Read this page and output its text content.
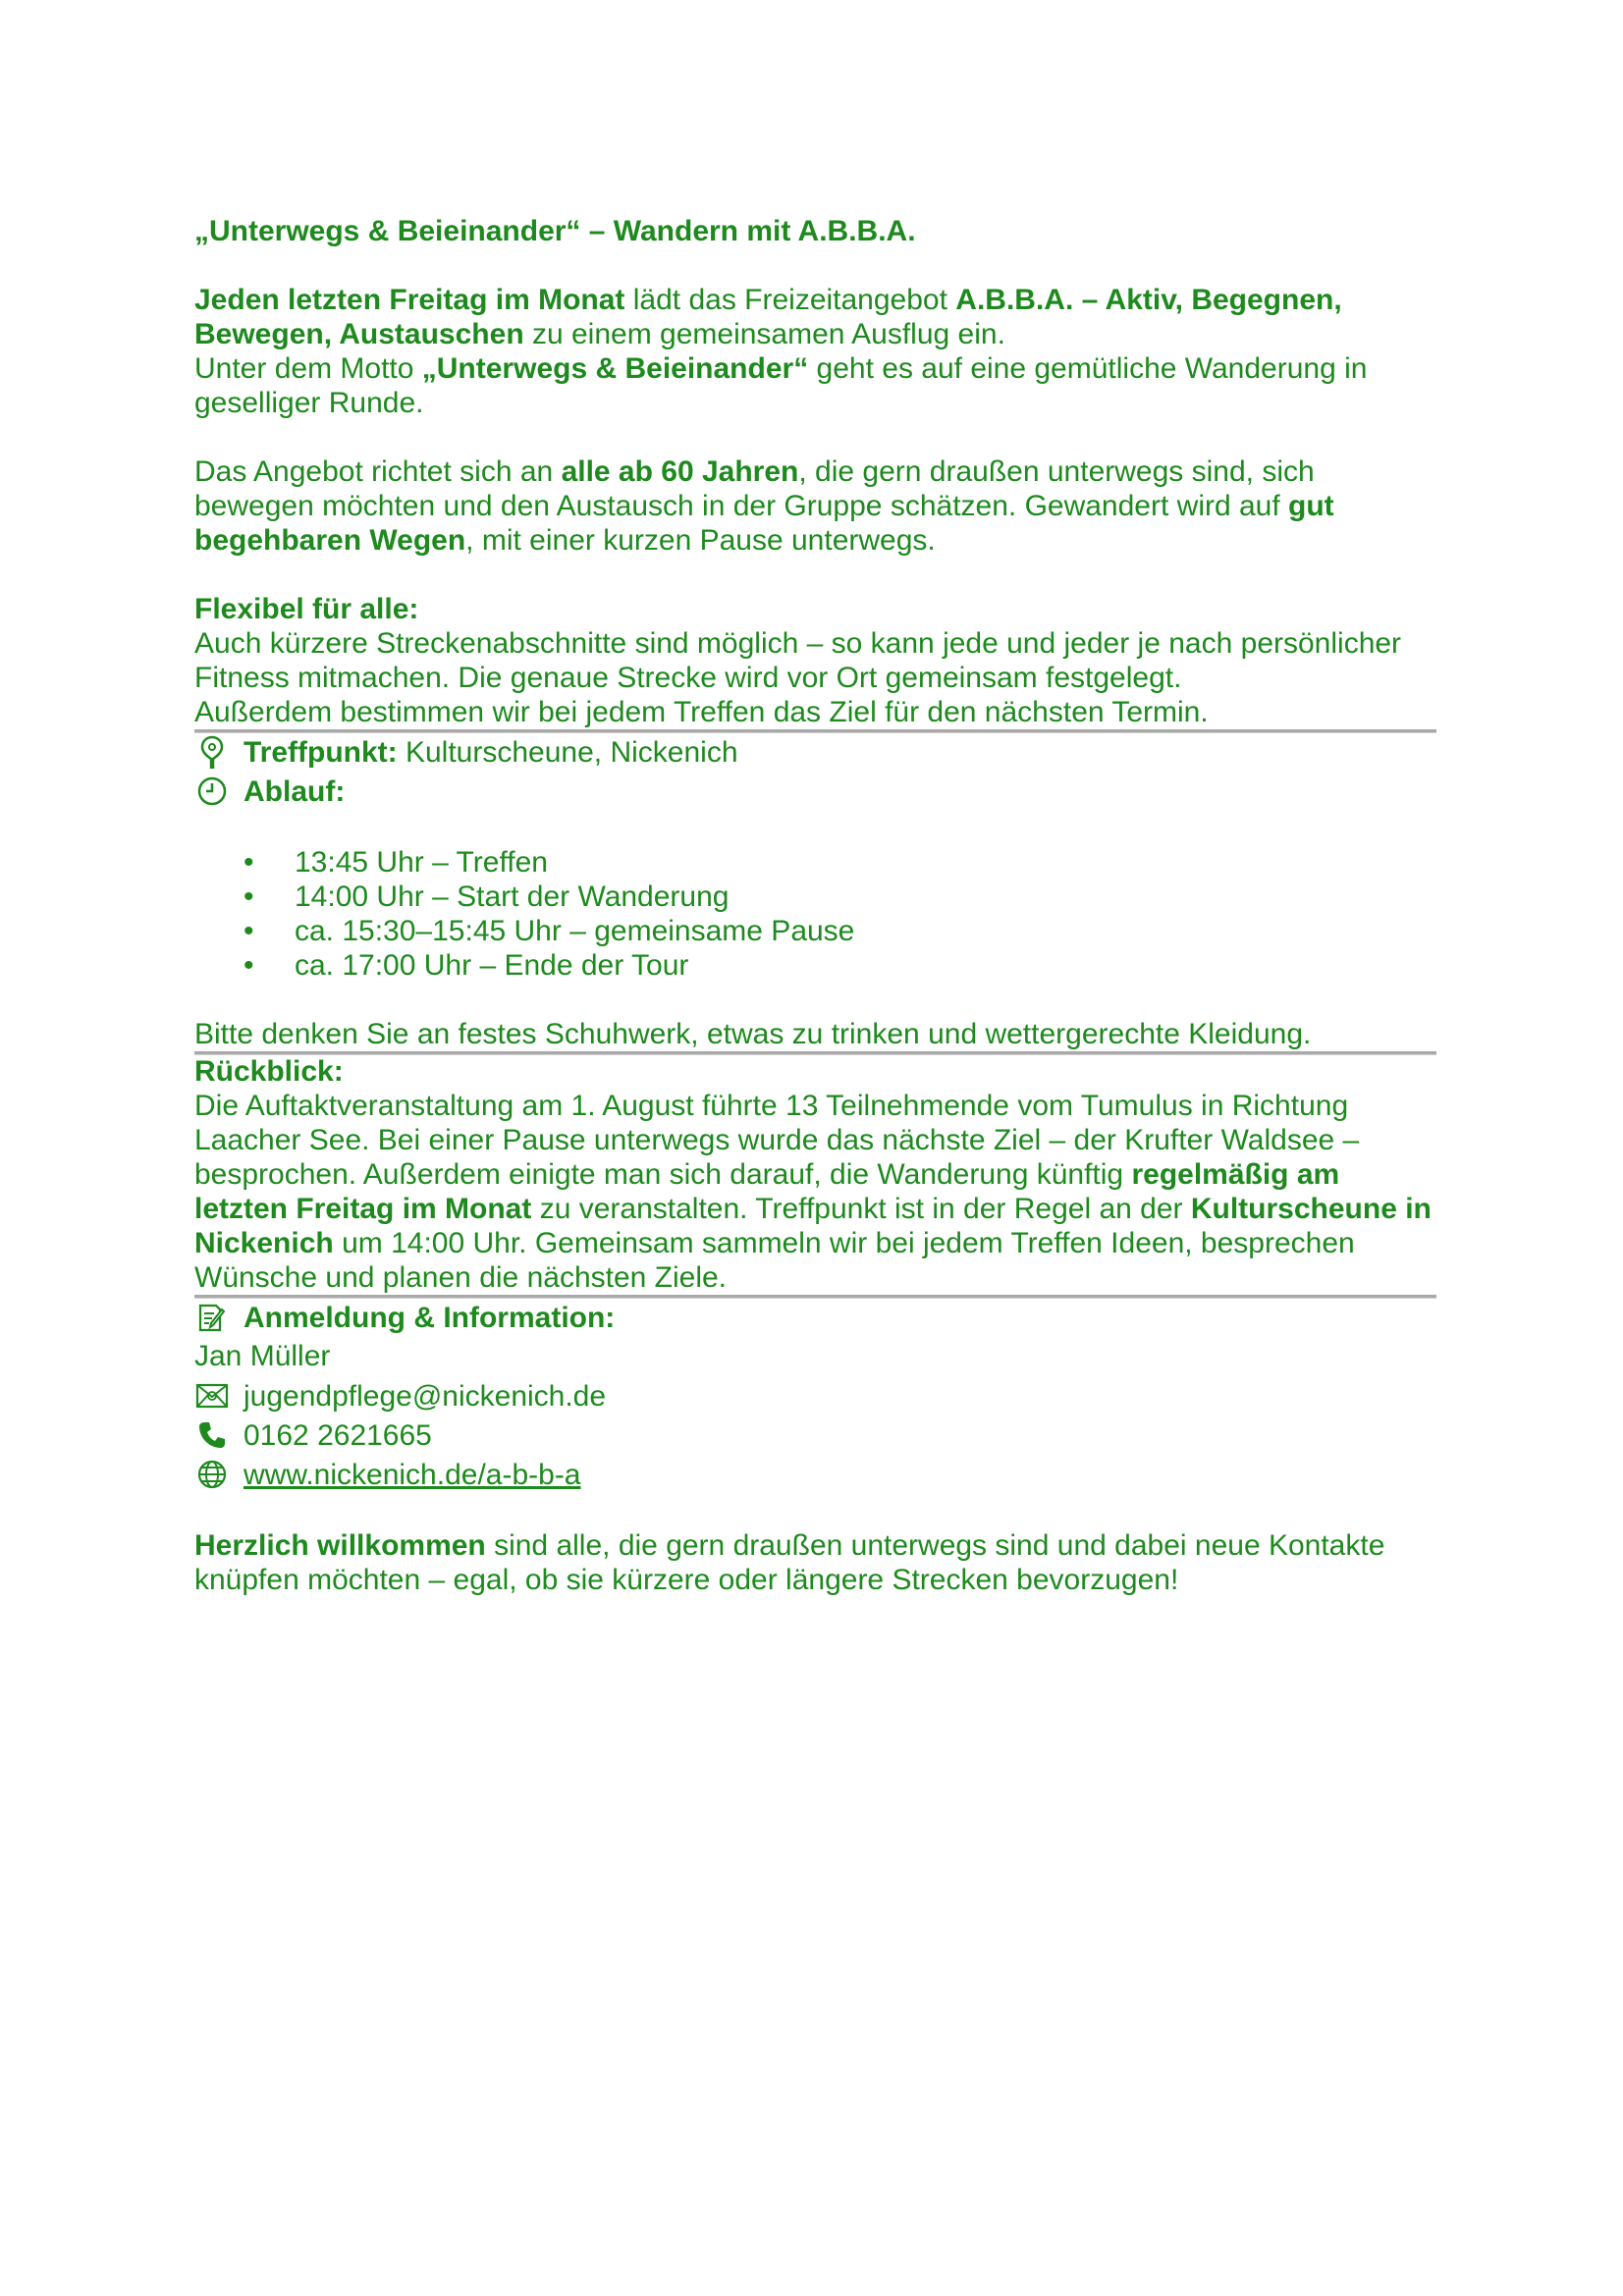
„Unterwegs & Beieinander“ – Wandern mit A.B.B.A.

Jeden letzten Freitag im Monat lädt das Freizeitangebot A.B.B.A. – Aktiv, Begegnen, Bewegen, Austauschen zu einem gemeinsamen Ausflug ein.

Unter dem Motto „Unterwegs & Beieinander“ geht es auf eine gemütliche Wanderung in geselliger Runde.

Das Angebot richtet sich an alle ab 60 Jahren, die gern draußen unterwegs sind, sich bewegen möchten und den Austausch in der Gruppe schätzen. Gewandert wird auf gut begehbaren Wegen, mit einer kurzen Pause unterwegs.

Flexibel für alle:

Auch kürzere Streckenabschnitte sind möglich – so kann jede und jeder je nach persönlicher Fitness mitmachen. Die genaue Strecke wird vor Ort gemeinsam festgelegt.

Außerdem bestimmen wir bei jedem Treffen das Ziel für den nächsten Termin.

Treffpunkt: Kulturscheune, Nickenich
Ablauf:
• 13:45 Uhr – Treffen
• 14:00 Uhr – Start der Wanderung
• ca. 15:30–15:45 Uhr – gemeinsame Pause
• ca. 17:00 Uhr – Ende der Tour

Bitte denken Sie an festes Schuhwerk, etwas zu trinken und wettergerechte Kleidung.

Rückblick:

Die Auftaktveranstaltung am 1. August führte 13 Teilnehmende vom Tumulus in Richtung Laacher See. Bei einer Pause unterwegs wurde das nächste Ziel – der Krufter Waldsee – besprochen. Außerdem einigte man sich darauf, die Wanderung künftig regelmäßig am letzten Freitag im Monat zu veranstalten. Treffpunkt ist in der Regel an der Kulturscheune in Nickenich um 14:00 Uhr. Gemeinsam sammeln wir bei jedem Treffen Ideen, besprechen Wünsche und planen die nächsten Ziele.

Anmeldung & Information:

Jan Müller

jugendpflege@nickenich.de
0162 2621665
www.nickenich.de/a-b-b-a

Herzlich willkommen sind alle, die gern draußen unterwegs sind und dabei neue Kontakte knüpfen möchten – egal, ob sie kürzere oder längere Strecken bevorzugen!
